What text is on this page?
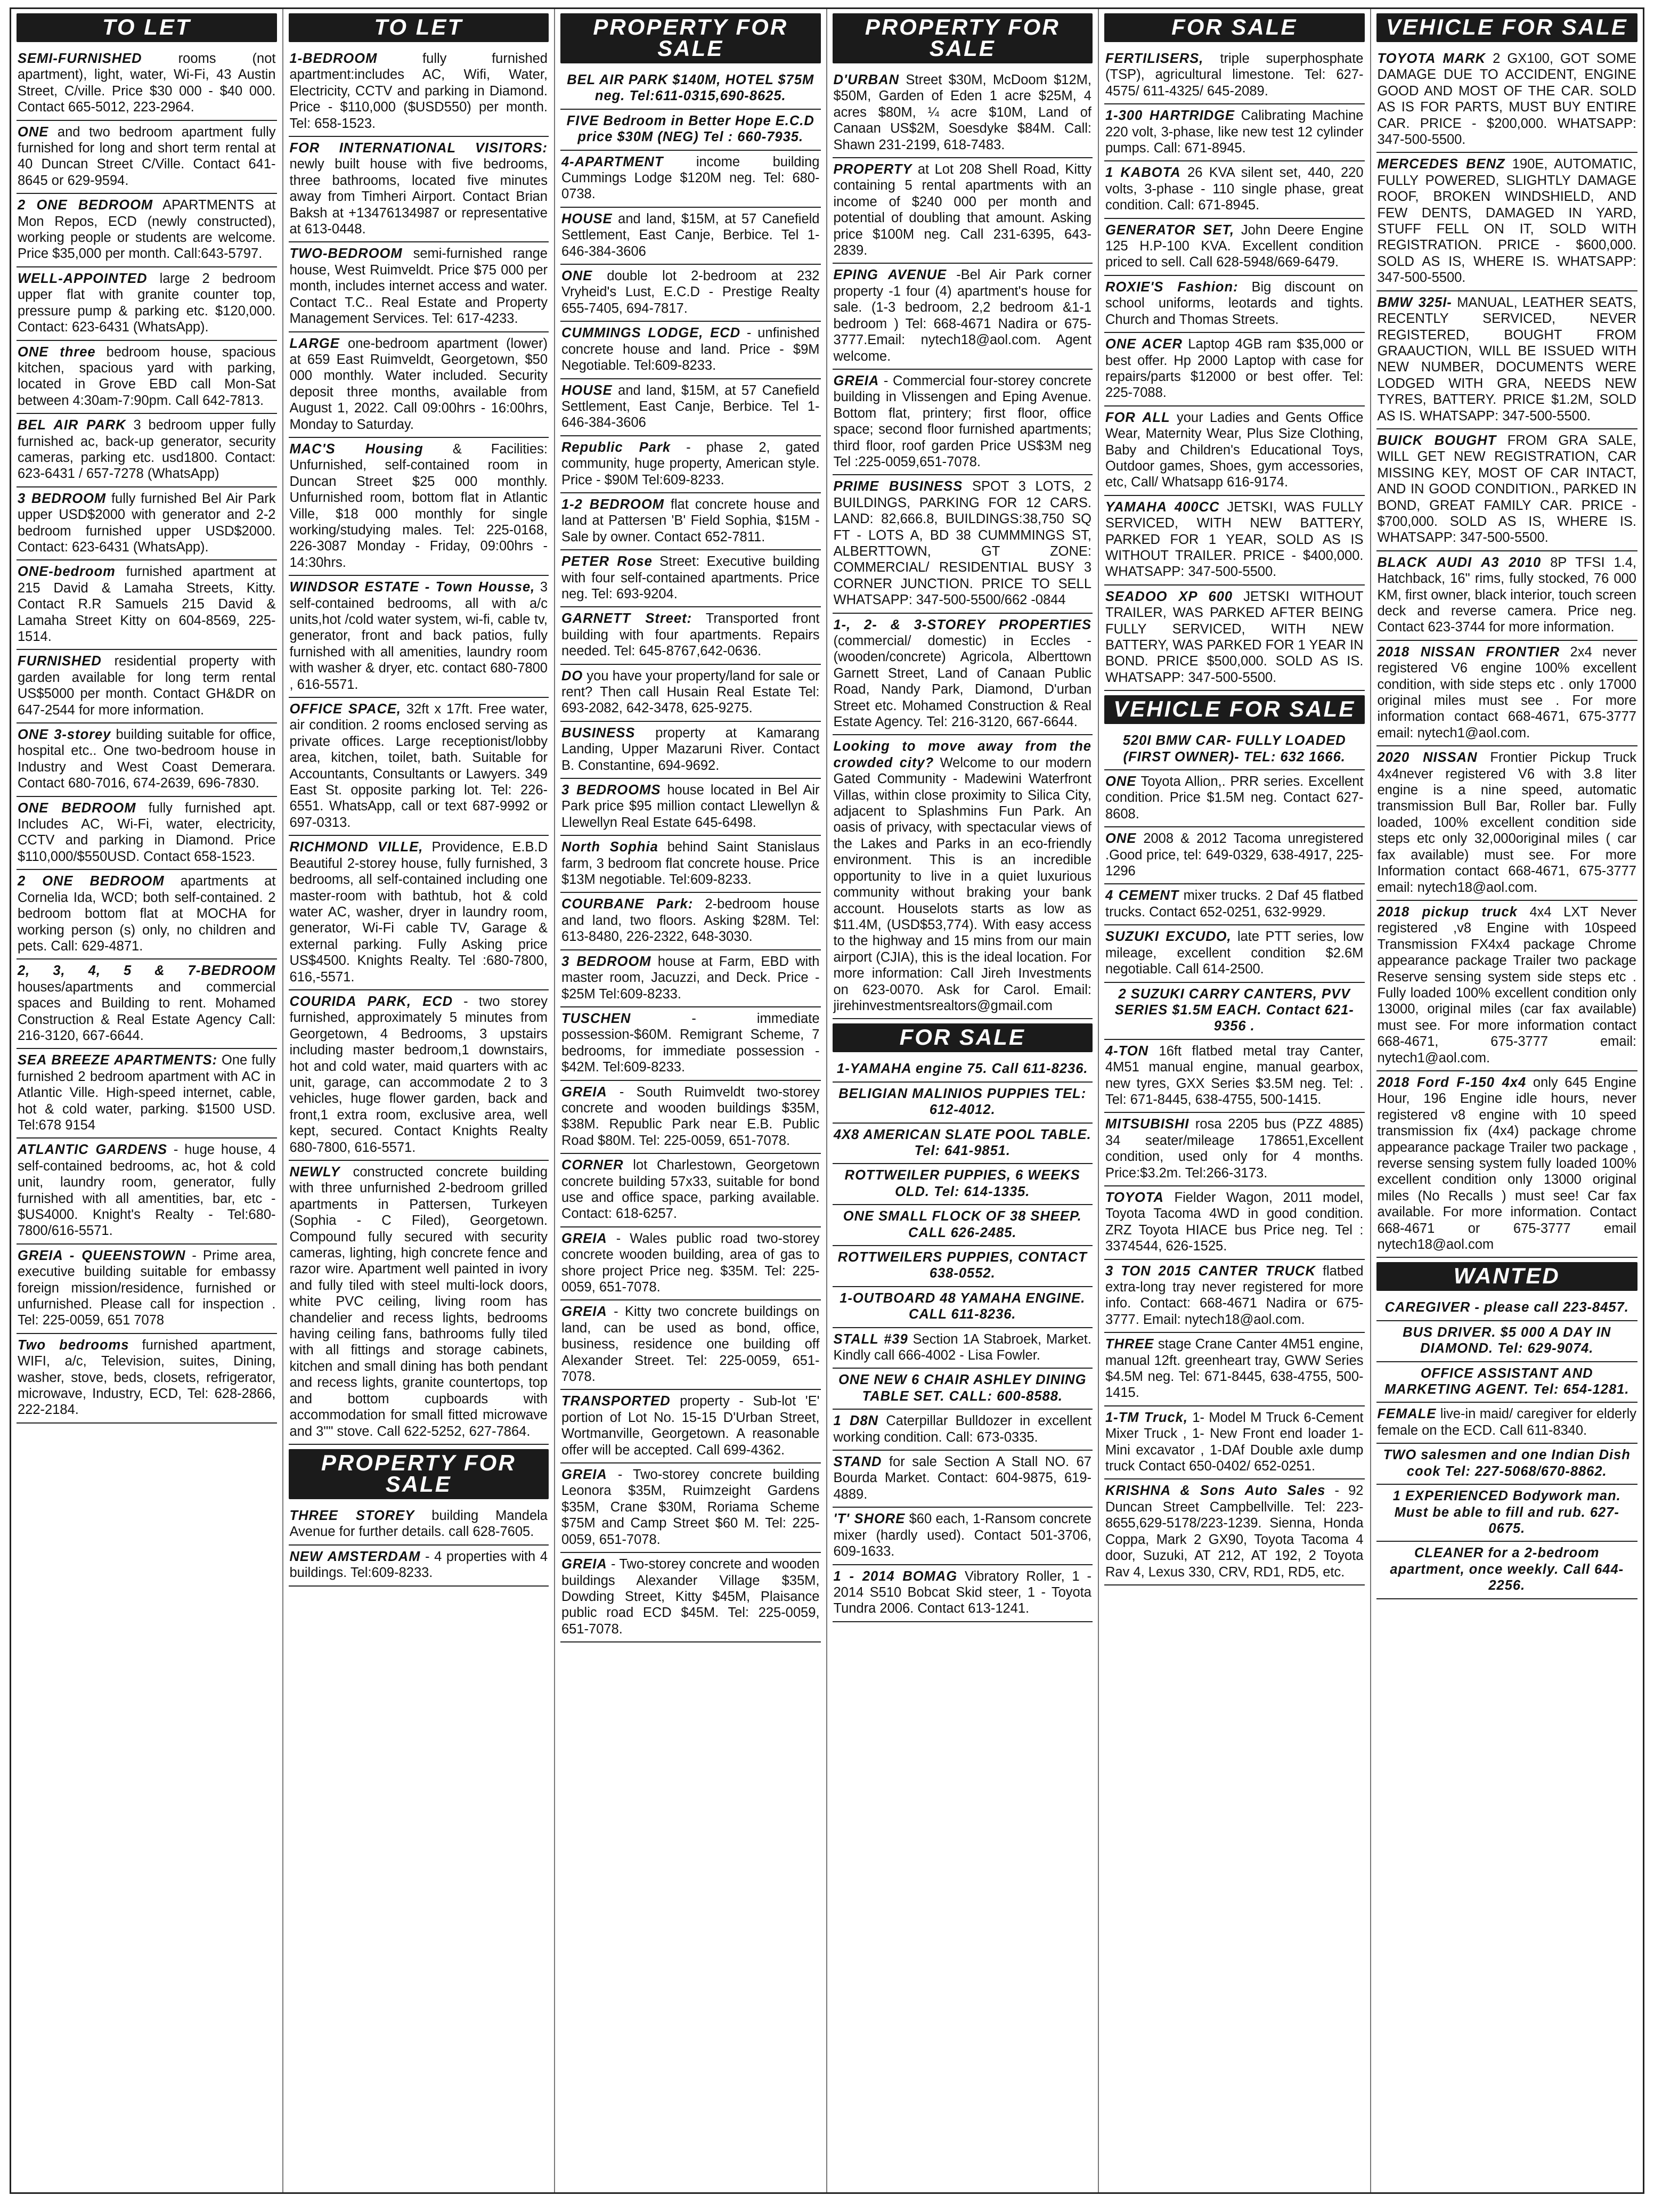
TO LET

SEMI-FURNISHED	rooms (not apartment), light, water, Wi-Fi, 43 Austin Street, C/ville. Price $30 000 - $40 000. Contact 665-5012, 223-2964.

ONE and two bedroom apartment fully furnished for long and short term rental at 40 Duncan Street C/Ville. Contact 641-8645 or 629-9594.

2 ONE BEDROOM APARTMENTS at Mon Repos, ECD (newly constructed), working people or students are welcome. Price $35,000 per month. Call:643-5797.

WELL-APPOINTED large 2 bedroom upper flat with granite counter top, pressure pump & parking etc. $120,000. Contact: 623-6431 (WhatsApp).

ONE three bedroom house, spacious kitchen, spacious yard with parking, located in Grove EBD call Mon-Sat between 4:30am-7:90pm. Call 642-7813.

BEL AIR PARK 3 bedroom upper fully furnished ac, back-up generator, security cameras, parking etc. usd1800. Contact: 623-6431 / 657-7278 (WhatsApp)

3 BEDROOM fully furnished Bel Air Park upper USD$2000 with generator and 2-2 bedroom furnished upper USD$2000. Contact: 623-6431 (WhatsApp).

ONE-bedroom furnished apartment at 215 David & Lamaha Streets, Kitty. Contact R.R Samuels 215 David & Lamaha Street Kitty on 604-8569, 225-1514.

FURNISHED residential property with garden available for long term rental US$5000 per month. Contact GH&DR on 647-2544 for more information.

ONE 3-storey building suitable for office, hospital etc.. One two-bedroom house in Industry and West Coast Demerara. Contact 680-7016, 674-2639, 696-7830.

ONE BEDROOM fully furnished apt. Includes AC, Wi-Fi, water, electricity, CCTV and parking in Diamond. Price $110,000/$550USD. Contact 658-1523.

2 ONE BEDROOM apartments at Cornelia Ida, WCD; both self-contained. 2 bedroom bottom flat at MOCHA for working person (s) only, no children and pets. Call: 629-4871.

2, 3, 4, 5 & 7-BEDROOM houses/apartments and commercial spaces and Building to rent. Mohamed Construction & Real Estate Agency Call: 216-3120, 667-6644.

SEA BREEZE APARTMENTS: One fully furnished 2 bedroom apartment with AC in Atlantic Ville. High-speed internet, cable, hot & cold water, parking. $1500 USD. Tel:678 9154

ATLANTIC GARDENS - huge house, 4 self-contained bedrooms, ac, hot & cold unit, laundry room, generator, fully furnished with all amentities, bar, etc - $US4000. Knight's Realty - Tel:680-7800/616-5571.

GREIA - QUEENSTOWN - Prime area, executive building suitable for embassy foreign mission/residence, furnished or unfurnished. Please call for inspection . Tel: 225-0059, 651 7078

Two bedrooms furnished apartment, WIFI, a/c, Television, suites, Dining, washer, stove, beds, closets, refrigerator, microwave, Industry, ECD, Tel: 628-2866, 222-2184.

TO LET

1-BEDROOM	fully furnished apartment:includes AC, Wifi, Water, Electricity, CCTV and parking in Diamond. Price - $110,000 ($USD550) per month. Tel: 658-1523.

FOR INTERNATIONAL VISITORS: newly built house with five bedrooms, three bathrooms, located five minutes away from Timheri Airport. Contact Brian Baksh at +13476134987 or representative at 613-0448.

TWO-BEDROOM semi-furnished range house, West Ruimveldt. Price $75 000 per month, includes internet access and water. Contact T.C.. Real Estate and Property Management Services. Tel: 617-4233.

LARGE one-bedroom apartment (lower) at 659 East Ruimveldt, Georgetown, $50 000 monthly. Water included. Security deposit three months, available from August 1, 2022. Call 09:00hrs - 16:00hrs, Monday to Saturday.

MAC'S Housing & Facilities: Unfurnished, self-contained room in Duncan Street $25 000 monthly. Unfurnished room, bottom flat in Atlantic Ville, $18 000 monthly for single working/studying males. Tel: 225-0168, 226-3087 Monday - Friday, 09:00hrs - 14:30hrs.

WINDSOR ESTATE - Town Housse, 3 self-contained bedrooms, all with a/c units,hot /cold water system, wi-fi, cable tv, generator, front and back patios, fully furnished with all amenities, laundry room with washer & dryer, etc. contact 680-7800 , 616-5571.

OFFICE SPACE, 32ft x 17ft. Free water, air condition. 2 rooms enclosed serving as private offices. Large receptionist/lobby area, kitchen, toilet, bath. Suitable for Accountants, Consultants or Lawyers. 349 East St. opposite parking lot. Tel: 226-6551. WhatsApp, call or text 687-9992 or 697-0313.

RICHMOND VILLE, Providence, E.B.D Beautiful 2-storey house, fully furnished, 3 bedrooms, all self-contained including one master-room with bathtub, hot & cold water AC, washer, dryer in laundry room, generator, Wi-Fi cable TV, Garage & external parking. Fully Asking price US$4500. Knights Realty. Tel :680-7800, 616,-5571.

COURIDA PARK, ECD - two storey furnished, approximately 5 minutes from Georgetown, 4 Bedrooms, 3 upstairs including master bedroom,1 downstairs, hot and cold water, maid quarters with ac unit, garage, can accommodate 2 to 3 vehicles, huge flower garden, back and front,1 extra room, exclusive area, well kept, secured. Contact Knights Realty 680-7800, 616-5571.

NEWLY constructed concrete building with three unfurnished 2-bedroom grilled apartments in Pattersen, Turkeyen (Sophia - C Filed), Georgetown. Compound fully secured with security cameras, lighting, high concrete fence and razor wire. Apartment well painted in ivory and fully tiled with steel multi-lock doors, white PVC ceiling, living room has chandelier and recess lights, bedrooms having ceiling fans, bathrooms fully tiled with all fittings and storage cabinets, kitchen and small dining has both pendant and recess lights, granite countertops, top and bottom cupboards with accommodation for small fitted microwave and 3"" stove. Call 622-5252, 627-7864.

PROPERTY FOR SALE

THREE STOREY building Mandela Avenue for further details. call 628-7605.

NEW AMSTERDAM - 4 properties with 4 buildings. Tel:609-8233.

PROPERTY FOR SALE

BEL AIR PARK $140M, HOTEL $75M neg. Tel:611-0315,690-8625.

FIVE Bedroom in Better Hope E.C.D price $30M (NEG) Tel : 660-7935.

4-APARTMENT income building Cummings Lodge $120M neg. Tel: 680-0738.

HOUSE and land, $15M, at 57 Canefield Settlement, East Canje, Berbice. Tel 1-646-384-3606

ONE double lot 2-bedroom at 232 Vryheid's Lust, E.C.D - Prestige Realty 655-7405, 694-7817.

CUMMINGS LODGE, ECD - unfinished concrete house and land. Price - $9M Negotiable. Tel:609-8233.

HOUSE and land, $15M, at 57 Canefield Settlement, East Canje, Berbice. Tel 1-646-384-3606

Republic Park - phase 2, gated community, huge property, American style. Price - $90M Tel:609-8233.

1-2 BEDROOM flat concrete house and land at Pattersen 'B' Field Sophia, $15M - Sale by owner. Contact 652-7811.

PETER Rose Street: Executive building with four self-contained apartments. Price neg. Tel: 693-9204.

GARNETT Street: Transported front building with four apartments. Repairs needed. Tel: 645-8767,642-0636.

DO you have your property/land for sale or rent? Then call Husain Real Estate Tel: 693-2082, 642-3478, 625-9275.

BUSINESS property at Kamarang Landing, Upper Mazaruni River. Contact B. Constantine, 694-9692.

3 BEDROOMS house located in Bel Air Park price $95 million contact Llewellyn & Llewellyn Real Estate 645-6498.

North Sophia behind Saint Stanislaus farm, 3 bedroom flat concrete house. Price $13M negotiable. Tel:609-8233.

COURBANE Park: 2-bedroom house and land, two floors. Asking $28M. Tel: 613-8480, 226-2322, 648-3030.

3 BEDROOM house at Farm, EBD with master room, Jacuzzi, and Deck. Price - $25M Tel:609-8233.

TUSCHEN	- immediate possession-$60M. Remigrant Scheme, 7 bedrooms, for immediate possession - $42M. Tel:609-8233.

GREIA - South Ruimveldt two-storey concrete and wooden buildings $35M, $38M. Republic Park near E.B. Public Road $80M. Tel: 225-0059, 651-7078.

CORNER lot Charlestown, Georgetown concrete building 57x33, suitable for bond use and office space, parking available. Contact: 618-6257.

GREIA - Wales public road two-storey concrete wooden building, area of gas to shore project Price neg. $35M. Tel: 225-0059, 651-7078.

GREIA - Kitty two concrete buildings on land, can be used as bond, office, business, residence one building off Alexander Street. Tel: 225-0059, 651-7078.

TRANSPORTED property - Sub-lot 'E' portion of Lot No. 15-15 D'Urban Street, Wortmanville, Georgetown. A reasonable offer will be accepted. Call 699-4362.

GREIA - Two-storey concrete building Leonora $35M, Ruimzeight Gardens $35M, Crane $30M, Roriama Scheme $75M and Camp Street $60 M. Tel: 225-0059, 651-7078.

GREIA - Two-storey concrete and wooden buildings Alexander Village $35M, Dowding Street, Kitty $45M, Plaisance public road ECD $45M. Tel: 225-0059, 651-7078.

PROPERTY FOR SALE

D'URBAN Street $30M, McDoom $12M, $50M, Garden of Eden 1 acre $25M, 4 acres $80M, ¼ acre $10M, Land of Canaan US$2M, Soesdyke $84M. Call: Shawn 231-2199, 618-7483.

PROPERTY at Lot 208 Shell Road, Kitty containing 5 rental apartments with an income of $240 000 per month and potential of doubling that amount. Asking price $100M neg. Call 231-6395, 643-2839.

EPING AVENUE -Bel Air Park corner property -1 four (4) apartment's house for sale. (1-3 bedroom, 2,2 bedroom &1-1 bedroom ) Tel: 668-4671 Nadira or 675-3777.Email: nytech18@aol.com. Agent welcome.

GREIA - Commercial four-storey concrete building in Vlissengen and Eping Avenue. Bottom flat, printery; first floor, office space; second floor furnished apartments; third floor, roof garden Price US$3M neg Tel :225-0059,651-7078.

PRIME BUSINESS SPOT 3 LOTS, 2 BUILDINGS, PARKING FOR 12 CARS. LAND: 82,666.8, BUILDINGS:38,750 SQ FT - LOTS A, BD 38 CUMMMINGS ST, ALBERTTOWN, GT ZONE: COMMERCIAL/ RESIDENTIAL BUSY 3 CORNER JUNCTION. PRICE TO SELL WHATSAPP: 347-500-5500/662 -0844

1-, 2- & 3-STOREY PROPERTIES (commercial/ domestic) in Eccles - (wooden/concrete) Agricola, Alberttown Garnett Street, Land of Canaan Public Road, Nandy Park, Diamond, D'urban Street etc. Mohamed Construction & Real Estate Agency. Tel: 216-3120, 667-6644.

Looking to move away from the crowded city? Welcome to our modern Gated Community - Madewini Waterfront Villas, within close proximity to Silica City, adjacent to Splashmins Fun Park. An oasis of privacy, with spectacular views of the Lakes and Parks in an eco-friendly environment. This is an incredible opportunity to live in a quiet luxurious community without braking your bank account. Houselots starts as low as $11.4M, (USD$53,774). With easy access to the highway and 15 mins from our main airport (CJIA), this is the ideal location. For more information: Call Jireh Investments on 623-0070. Ask for Carol. Email: jirehinvestmentsrealtors@gmail.com

FOR SALE

1-YAMAHA engine 75. Call 611-8236.

BELIGIAN MALINIOS PUPPIES TEL: 612-4012.

4X8 AMERICAN SLATE POOL TABLE. Tel: 641-9851.

ROTTWEILER PUPPIES, 6 WEEKS OLD. Tel: 614-1335.

ONE SMALL FLOCK OF 38 SHEEP. CALL 626-2485.

ROTTWEILERS PUPPIES, CONTACT 638-0552.

1-OUTBOARD 48 YAMAHA ENGINE. CALL 611-8236.

STALL #39 Section 1A Stabroek, Market. Kindly call 666-4002 - Lisa Fowler.

ONE NEW 6 CHAIR ASHLEY DINING TABLE SET. CALL: 600-8588.

1 D8N Caterpillar Bulldozer in excellent working condition. Call: 673-0335.

STAND for sale Section A Stall NO. 67 Bourda Market. Contact: 604-9875, 619-4889.

'T' SHORE $60 each, 1-Ransom concrete mixer (hardly used). Contact 501-3706, 609-1633.

1 - 2014 BOMAG Vibratory Roller, 1 - 2014 S510 Bobcat Skid steer, 1 - Toyota Tundra 2006. Contact 613-1241.

FOR SALE

FERTILISERS, triple superphosphate (TSP), agricultural limestone. Tel: 627-4575/ 611-4325/ 645-2089.

1-300 HARTRIDGE Calibrating Machine 220 volt, 3-phase, like new test 12 cylinder pumps. Call: 671-8945.

1 KABOTA 26 KVA silent set, 440, 220 volts, 3-phase - 110 single phase, great condition. Call: 671-8945.

GENERATOR SET, John Deere Engine 125 H.P-100 KVA. Excellent condition priced to sell. Call 628-5948/669-6479.

ROXIE'S Fashion: Big discount on school uniforms, leotards and tights. Church and Thomas Streets.

ONE ACER Laptop 4GB ram $35,000 or best offer. Hp 2000 Laptop with case for repairs/parts $12000 or best offer. Tel: 225-7088.

FOR ALL your Ladies and Gents Office Wear, Maternity Wear, Plus Size Clothing, Baby and Children's Educational Toys, Outdoor games, Shoes, gym accessories, etc, Call/ Whatsapp 616-9174.

YAMAHA 400CC JETSKI, WAS FULLY SERVICED, WITH NEW BATTERY, PARKED FOR 1 YEAR, SOLD AS IS WITHOUT TRAILER. PRICE - $400,000. WHATSAPP: 347-500-5500.

SEADOO XP 600 JETSKI WITHOUT TRAILER, WAS PARKED AFTER BEING FULLY SERVICED, WITH NEW BATTERY, WAS PARKED FOR 1 YEAR IN BOND. PRICE $500,000. SOLD AS IS. WHATSAPP: 347-500-5500.

VEHICLE FOR SALE

520I BMW CAR- FULLY LOADED (FIRST OWNER)- TEL: 632 1666.

ONE Toyota Allion,. PRR series. Excellent condition. Price $1.5M neg. Contact 627-8608.

ONE 2008 & 2012 Tacoma unregistered .Good price, tel: 649-0329, 638-4917, 225-1296

4 CEMENT mixer trucks. 2 Daf 45 flatbed trucks. Contact 652-0251, 632-9929.

SUZUKI EXCUDO, late PTT series, low mileage, excellent condition $2.6M negotiable. Call 614-2500.

2 SUZUKI CARRY CANTERS, PVV SERIES $1.5M EACH. Contact 621-9356 .

4-TON 16ft flatbed metal tray Canter, 4M51 manual engine, manual gearbox, new tyres, GXX Series $3.5M neg. Tel: . Tel: 671-8445, 638-4755, 500-1415.

MITSUBISHI rosa 2205 bus (PZZ 4885) 34 seater/mileage 178651,Excellent condition, used only for 4 months. Price:$3.2m. Tel:266-3173.

TOYOTA Fielder Wagon, 2011 model, Toyota Tacoma 4WD in good condition. ZRZ Toyota HIACE bus Price neg. Tel : 3374544, 626-1525.

3 TON 2015 CANTER TRUCK flatbed extra-long tray never registered for more info. Contact: 668-4671 Nadira or 675-3777. Email: nytech18@aol.com.

THREE stage Crane Canter 4M51 engine, manual 12ft. greenheart tray, GWW Series $4.5M neg. Tel: 671-8445, 638-4755, 500-1415.

1-TM Truck, 1- Model M Truck 6-Cement Mixer Truck , 1- New Front end loader 1-Mini excavator , 1-DAf Double axle dump truck Contact 650-0402/ 652-0251.

KRISHNA & Sons Auto Sales - 92 Duncan Street Campbellville. Tel: 223-8655,629-5178/223-1239. Sienna, Honda Coppa, Mark 2 GX90, Toyota Tacoma 4 door, Suzuki, AT 212, AT 192, 2 Toyota Rav 4, Lexus 330, CRV, RD1, RD5, etc.

VEHICLE FOR SALE

TOYOTA MARK 2 GX100, GOT SOME DAMAGE DUE TO ACCIDENT, ENGINE GOOD AND MOST OF THE CAR. SOLD AS IS FOR PARTS, MUST BUY ENTIRE CAR. PRICE - $200,000. WHATSAPP: 347-500-5500.

MERCEDES BENZ 190E, AUTOMATIC, FULLY POWERED, SLIGHTLY DAMAGE ROOF, BROKEN WINDSHIELD, AND FEW DENTS, DAMAGED IN YARD, STUFF FELL ON IT, SOLD WITH REGISTRATION. PRICE - $600,000. SOLD AS IS, WHERE IS. WHATSAPP: 347-500-5500.

BMW 325I- MANUAL, LEATHER SEATS, RECENTLY SERVICED, NEVER REGISTERED, BOUGHT FROM GRAAUCTION, WILL BE ISSUED WITH NEW NUMBER, DOCUMENTS WERE LODGED WITH GRA, NEEDS NEW TYRES, BATTERY. PRICE $1.2M, SOLD AS IS. WHATSAPP: 347-500-5500.

BUICK BOUGHT FROM GRA SALE, WILL GET NEW REGISTRATION, CAR MISSING KEY, MOST OF CAR INTACT, AND IN GOOD CONDITION., PARKED IN BOND, GREAT FAMILY CAR. PRICE - $700,000. SOLD AS IS, WHERE IS. WHATSAPP: 347-500-5500.

BLACK AUDI A3 2010 8P TFSI 1.4, Hatchback, 16" rims, fully stocked, 76 000 KM, first owner, black interior, touch screen deck and reverse camera. Price neg. Contact 623-3744 for more information.

2018 NISSAN FRONTIER 2x4 never registered V6 engine 100% excellent condition, with side steps etc . only 17000 original miles must see . For more information contact 668-4671, 675-3777 email: nytech1@aol.com.

2020 NISSAN Frontier Pickup Truck 4x4never registered V6 with 3.8 liter engine is a nine speed, automatic transmission Bull Bar, Roller bar. Fully loaded, 100% excellent condition side steps etc only 32,000original miles ( car fax available) must see. For more Information contact 668-4671, 675-3777 email: nytech18@aol.com.

2018 pickup truck 4x4 LXT Never registered ,v8 Engine with 10speed Transmission FX4x4 package Chrome appearance package Trailer two package Reserve sensing system side steps etc . Fully loaded 100% excellent condition only 13000, original miles (car fax available) must see. For more information contact 668-4671, 675-3777 email: nytech1@aol.com.

2018 Ford F-150 4x4 only 645 Engine Hour, 196 Engine idle hours, never registered v8 engine with 10 speed transmission fix (4x4) package chrome appearance package Trailer two package , reverse sensing system fully loaded 100% excellent condition only 13000 original miles (No Recalls ) must see! Car fax available. For more information. Contact 668-4671 or 675-3777 email nytech18@aol.com

WANTED

CAREGIVER - please call 223-8457.

BUS DRIVER. $5 000 A DAY IN DIAMOND. Tel: 629-9074.

OFFICE ASSISTANT AND MARKETING AGENT. Tel: 654-1281.

FEMALE live-in maid/ caregiver for elderly female on the ECD. Call 611-8340.

TWO salesmen and one Indian Dish cook Tel: 227-5068/670-8862.

1 EXPERIENCED Bodywork man. Must be able to fill and rub. 627-0675.

CLEANER for a 2-bedroom apartment, once weekly. Call 644-2256.
